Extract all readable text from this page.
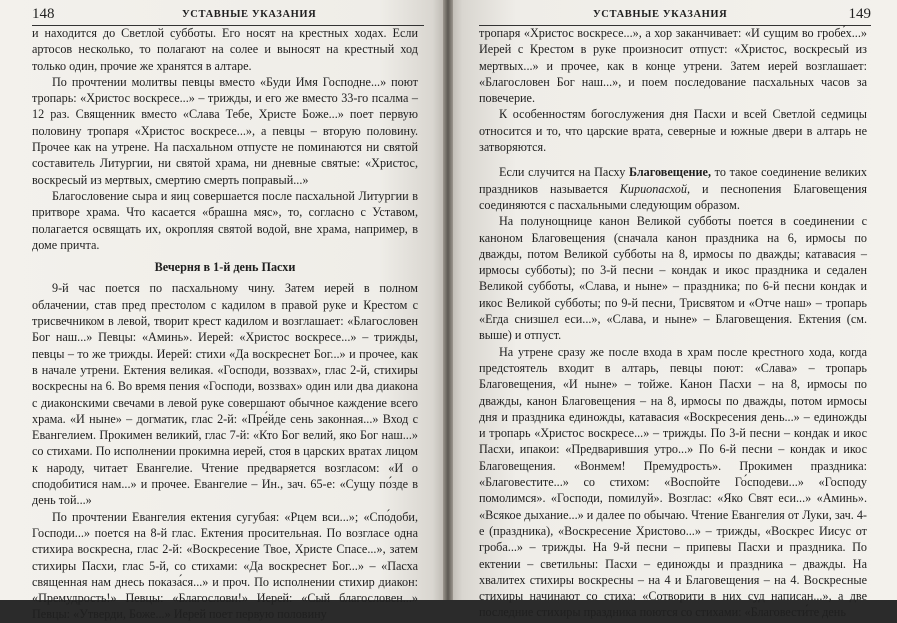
148	УСТАВНЫЕ УКАЗАНИЯ

и находится до Светлой субботы. Его носят на крестных ходах. Если артосов несколько, то полагают на солее и выносят на крестный ход только один, прочие же хранятся в алтаре.

По прочтении молитвы певцы вместо «Буди Имя Господне...» поют тропарь: «Христос воскресе...» – трижды, и его же вместо 33-го псалма – 12 раз. Священник вместо «Слава Тебе, Христе Боже...» поет первую половину тропаря «Христос воскресе...», а певцы – вторую половину. Прочее как на утрене. На пасхальном отпусте не поминаются ни святой составитель Литургии, ни святой храма, ни дневные святые: «Христос, воскресый из мертвых, смертию смерть поправый...»

Благословение сыра и яиц совершается после пасхальной Литургии в притворе храма. Что касается «брашна мяс», то, согласно с Уставом, полагается освящать их, окропляя святой водой, вне храма, например, в доме причта.

Вечерня в 1-й день Пасхи

9-й час поется по пасхальному чину. Затем иерей в полном облачении, став пред престолом с кадилом в правой руке и Крестом с трисвечником в левой, творит крест кадилом и возглашает: «Благословен Бог наш...» Певцы: «Аминь». Иерей: «Христос воскресе...» – трижды, певцы – то же трижды. Иерей: стихи «Да воскреснет Бог...» и прочее, как в начале утрени. Ектения великая. «Господи, воззвах», глас 2-й, стихиры воскресны на 6. Во время пения «Господи, воззвах» один или два диакона с диаконскими свечами в левой руке совершают обычное каждение всего храма. «И ныне» – догматик, глас 2-й: «Пре́йде сень законная...» Вход с Евангелием. Прокимен великий, глас 7-й: «Кто Бог велий, яко Бог наш...» со стихами. По исполнении прокимна иерей, стоя в царских вратах лицом к народу, читает Евангелие. Чтение предваряется возгласом: «И о сподобитися нам...» и прочее. Евангелие – Ин., зач. 65-е: «Сущу по́зде в день той...»

По прочтении Евангелия ектения сугубая: «Рцем вси...»; «Спо́доби, Господи...» поется на 8-й глас. Ектения просительная. По возгласе одна стихира воскресна, глас 2-й: «Воскресение Твое, Христе Спасе...», затем стихиры Пасхи, глас 5-й, со стихами: «Да воскреснет Бог...» – «Пасха священная нам днесь показа́ся...» и проч. По исполнении стихир диакон: «Премудрость!» Певцы: «Благослови!» Иерей: «Сый благословен...» Певцы: «Утверди, Боже...» Иерей поет первую половину

УСТАВНЫЕ УКАЗАНИЯ	149

тропаря «Христос воскресе...», а хор заканчивает: «И сущим во гробе́х...» Иерей с Крестом в руке произносит отпуст: «Христос, воскресый из мертвых...» и прочее, как в конце утрени. Затем иерей возглашает: «Благословен Бог наш...», и поем последование пасхальных часов за повечерие.

К особенностям богослужения дня Пасхи и всей Светлой седмицы относится и то, что царские врата, северные и южные двери в алтарь не затворяются.

Если случится на Пасху Благовещение, то такое соединение великих праздников называется Кириопасхой, и песнопения Благовещения соединяются с пасхальными следующим образом.

На полунощнице канон Великой субботы поется в соединении с каноном Благовещения (сначала канон праздника на 6, ирмосы по дважды, потом Великой субботы на 8, ирмосы по дважды; катавасия – ирмосы субботы); по 3-й песни – кондак и икос праздника и седален Великой субботы, «Слава, и ныне» – праздника; по 6-й песни кондак и икос Великой субботы; по 9-й песни, Трисвятом и «Отче наш» – тропарь «Егда снизшел еси...», «Слава, и ныне» – Благовещения. Ектения (см. выше) и отпуст.

На утрене сразу же после входа в храм после крестного хода, когда предстоятель входит в алтарь, певцы поют: «Слава» – тропарь Благовещения, «И ныне» – тойже. Канон Пасхи – на 8, ирмосы по дважды, канон Благовещения – на 8, ирмосы по дважды, потом ирмосы дня и праздника единожды, катавасия «Воскресения день...» – единожды и тропарь «Христос воскресе...» – трижды. По 3-й песни – кондак и икос Пасхи, ипакои: «Предварившия утро...» По 6-й песни – кондак и икос Благовещения. «Вонмем! Премудрость». Прокимен праздника: «Благовестите...» со стихом: «Воспойте Го́сподеви...» «Господу помолимся». «Господи, помилуй». Возглас: «Яко Свят еси...» «Аминь». «Всякое дыхание...» и далее по обычаю. Чтение Евангелия от Луки, зач. 4-е (праздника), «Воскресение Христово...» – трижды, «Воскрес Иисус от гроба...» – трижды. На 9-й песни – припевы Пасхи и праздника. По ектении – светильны: Пасхи – единожды и праздника – дважды. На хвалитех стихиры воскресны – на 4 и Благовещения – на 4. Воскресные стихиры начинают со стиха: «Сотворити в них суд написан...», а две последние стихиры праздника поются со стихами: «Благовести́те день
